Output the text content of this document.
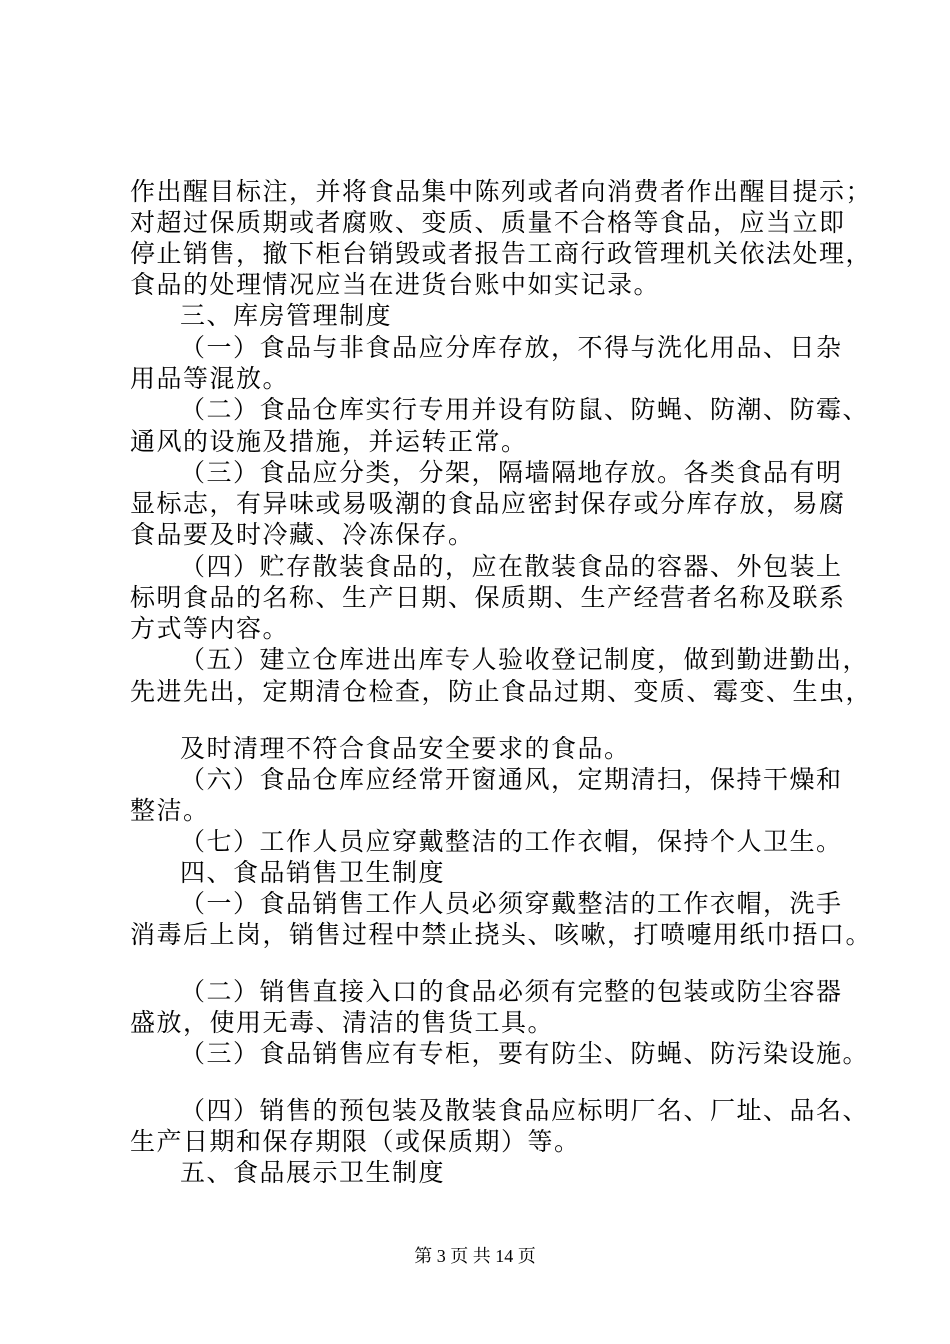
作出醒目标注，并将食品集中陈列或者向消费者作出醒目提示；
对超过保质期或者腐败、变质、质量不合格等食品，应当立即
停止销售，撤下柜台销毁或者报告工商行政管理机关依法处理，
食品的处理情况应当在进货台账中如实记录。
三、库房管理制度
（一）食品与非食品应分库存放，不得与洗化用品、日杂
用品等混放。
（二）食品仓库实行专用并设有防鼠、防蝇、防潮、防霉、
通风的设施及措施，并运转正常。
（三）食品应分类，分架，隔墙隔地存放。各类食品有明
显标志，有异味或易吸潮的食品应密封保存或分库存放，易腐
食品要及时冷藏、冷冻保存。
（四）贮存散装食品的，应在散装食品的容器、外包装上
标明食品的名称、生产日期、保质期、生产经营者名称及联系
方式等内容。
（五）建立仓库进出库专人验收登记制度，做到勤进勤出，
先进先出，定期清仓检查，防止食品过期、变质、霉变、生虫，
及时清理不符合食品安全要求的食品。
（六）食品仓库应经常开窗通风，定期清扫，保持干燥和
整洁。
（七）工作人员应穿戴整洁的工作衣帽，保持个人卫生。
四、食品销售卫生制度
（一）食品销售工作人员必须穿戴整洁的工作衣帽，洗手
消毒后上岗，销售过程中禁止挠头、咳嗽，打喷嚏用纸巾捂口。
（二）销售直接入口的食品必须有完整的包装或防尘容器
盛放，使用无毒、清洁的售货工具。
（三）食品销售应有专柜，要有防尘、防蝇、防污染设施。
（四）销售的预包装及散装食品应标明厂名、厂址、品名、
生产日期和保存期限（或保质期）等。
五、食品展示卫生制度
第 3 页 共 14 页
